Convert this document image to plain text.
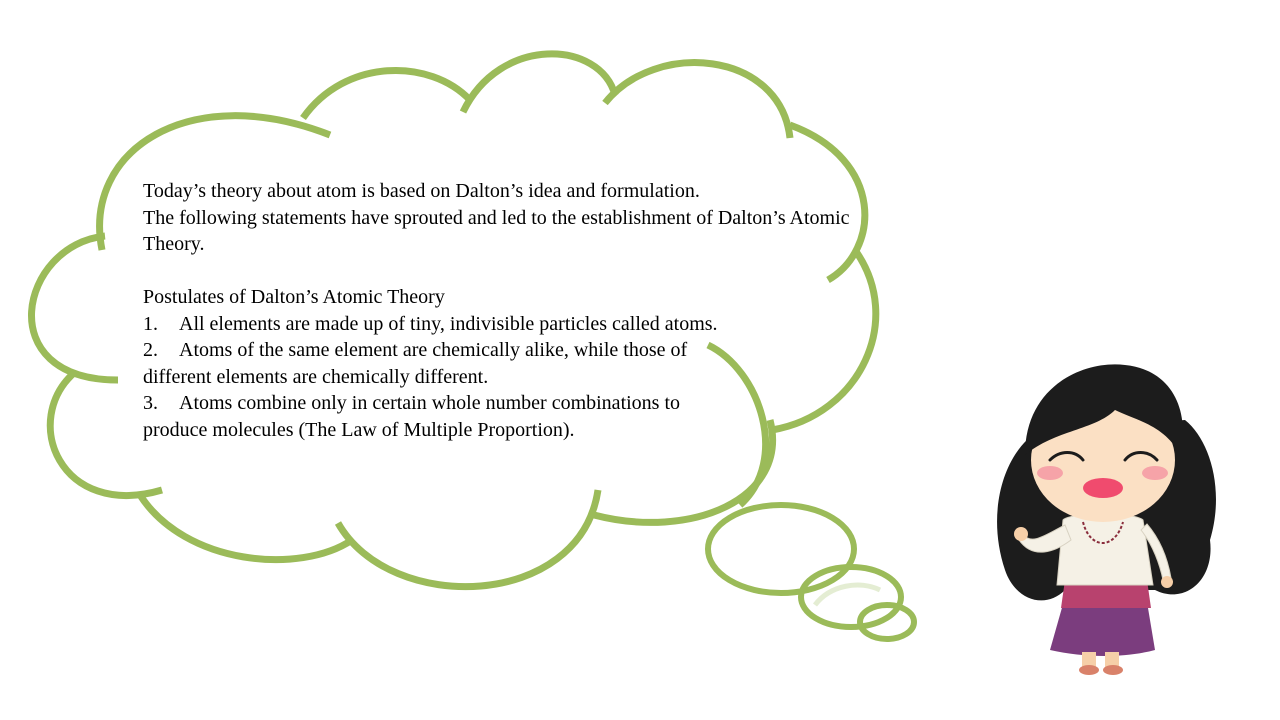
Today’s theory about atom is based on Dalton’s idea and formulation.

The following statements have sprouted and led to the establishment of Dalton’s Atomic Theory.

Postulates of Dalton’s Atomic Theory

1. All elements are made up of tiny, indivisible particles called atoms.

2. Atoms of the same element are chemically alike, while those of different elements are chemically different.

3. Atoms combine only in certain whole number combinations to produce molecules (The Law of Multiple Proportion).
